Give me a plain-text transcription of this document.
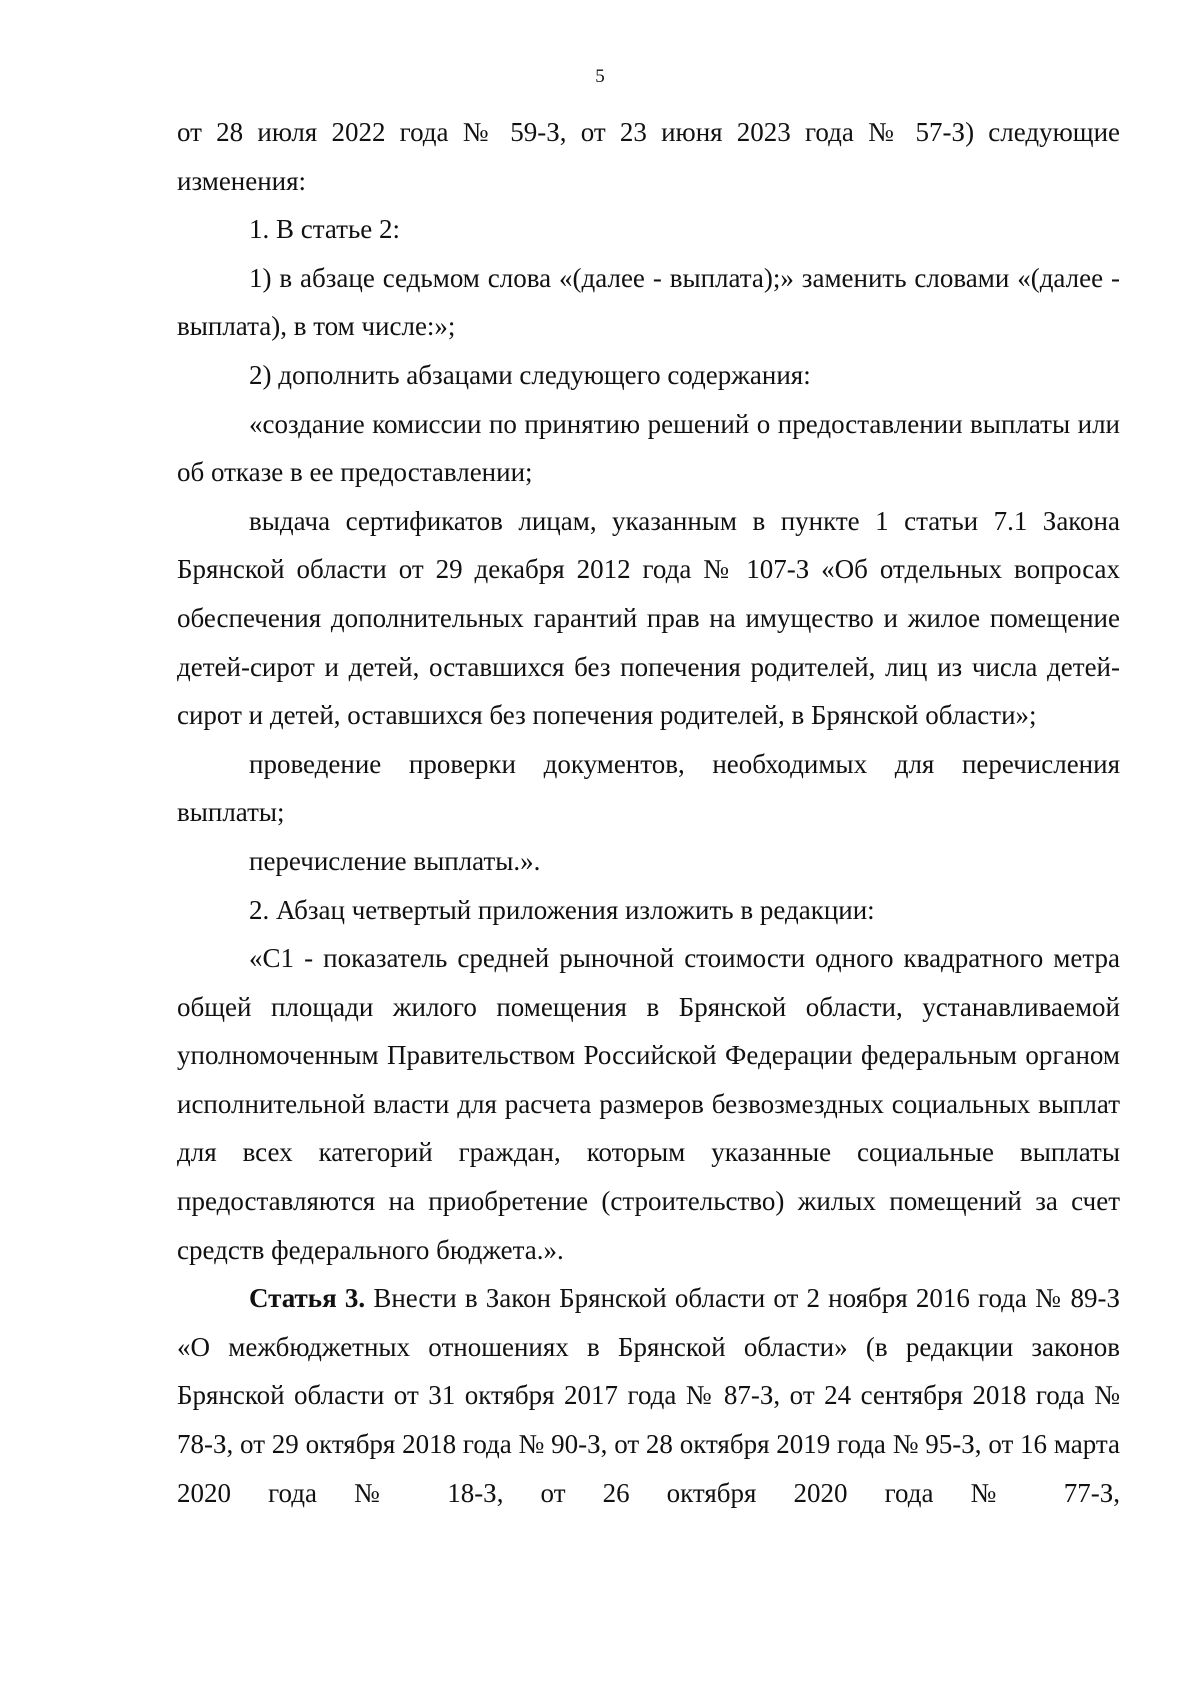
5

от 28 июля 2022 года № 59-З, от 23 июня 2023 года № 57-З) следующие изменения:

1. В статье 2:

1) в абзаце седьмом слова «(далее - выплата);» заменить словами «(далее - выплата), в том числе:»;

2) дополнить абзацами следующего содержания:

«создание комиссии по принятию решений о предоставлении выплаты или об отказе в ее предоставлении;

выдача сертификатов лицам, указанным в пункте 1 статьи 7.1 Закона Брянской области от 29 декабря 2012 года № 107-З «Об отдельных вопросах обеспечения дополнительных гарантий прав на имущество и жилое помещение детей-сирот и детей, оставшихся без попечения родителей, лиц из числа детей-сирот и детей, оставшихся без попечения родителей, в Брянской области»;

проведение проверки документов, необходимых для перечисления выплаты;

перечисление выплаты.».

2. Абзац четвертый приложения изложить в редакции:

«С1 - показатель средней рыночной стоимости одного квадратного метра общей площади жилого помещения в Брянской области, устанавливаемой уполномоченным Правительством Российской Федерации федеральным органом исполнительной власти для расчета размеров безвозмездных социальных выплат для всех категорий граждан, которым указанные социальные выплаты предоставляются на приобретение (строительство) жилых помещений за счет средств федерального бюджета.».

Статья 3. Внести в Закон Брянской области от 2 ноября 2016 года № 89-З «О межбюджетных отношениях в Брянской области» (в редакции законов Брянской области от 31 октября 2017 года № 87-З, от 24 сентября 2018 года № 78-З, от 29 октября 2018 года № 90-З, от 28 октября 2019 года № 95-З, от 16 марта 2020 года № 18-З, от 26 октября 2020 года № 77-З,
